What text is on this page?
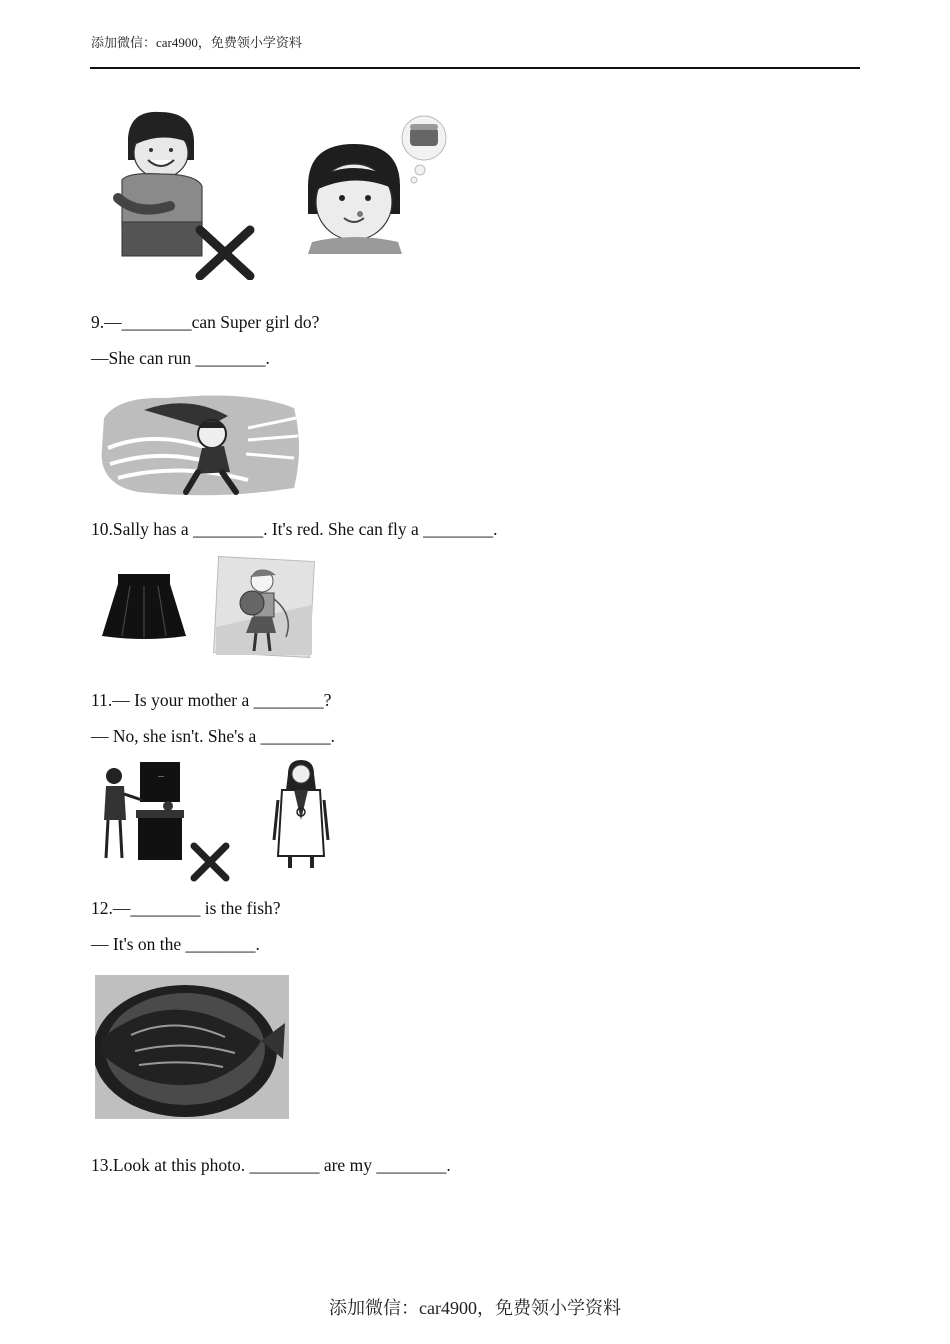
添加微信：car4900，免费领小学资料
9.—________can Super girl do?
—She can run ________.
10.Sally has a ________. It's red. She can fly a ________.
11.— Is your mother a ________?
— No, she isn't. She's a ________.
—
12.—________ is the fish?
— It's on the ________.
13.Look at this photo. ________ are my ________.
添加微信：car4900，免费领小学资料
